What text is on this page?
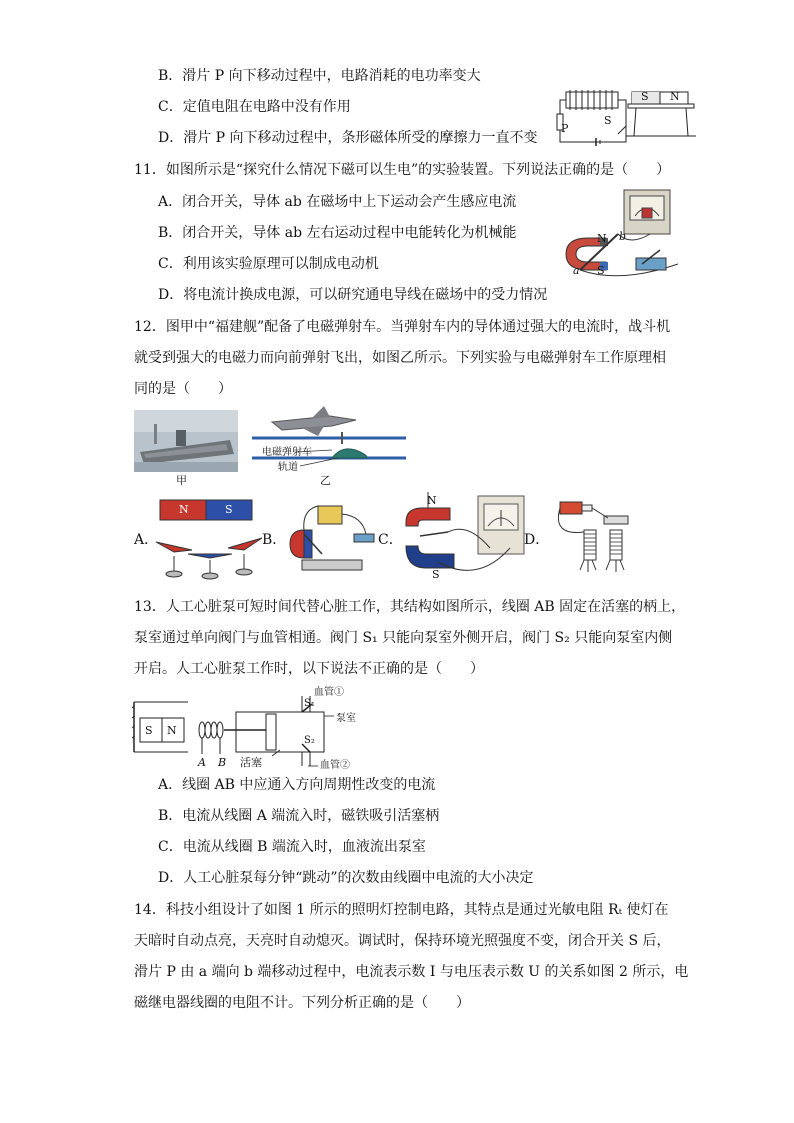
B．滑片 P 向下移动过程中，电路消耗的电功率变大
C．定值电阻在电路中没有作用
D．滑片 P 向下移动过程中，条形磁体所受的摩擦力一直不变
S N
P
S
11．如图所示是“探究什么情况下磁可以生电”的实验装置。下列说法正确的是（　　）
A．闭合开关，导体 ab 在磁场中上下运动会产生感应电流
B．闭合开关，导体 ab 左右运动过程中电能转化为机械能
C．利用该实验原理可以制成电动机
D．将电流计换成电源，可以研究通电导线在磁场中的受力情况
N
S
a
b
12．图甲中“福建舰”配备了电磁弹射车。当弹射车内的导体通过强大的电流时，战斗机
就受到强大的电磁力而向前弹射飞出，如图乙所示。下列实验与电磁弹射车工作原理相
同的是（　　）
甲
电磁弹射车
轨道
乙
A．
N	S
B．	C．
N
S
D．
13．人工心脏泵可短时间代替心脏工作，其结构如图所示，线圈 AB 固定在活塞的柄上，
泵室通过单向阀门与血管相通。阀门 S₁ 只能向泵室外侧开启，阀门 S₂ 只能向泵室内侧
开启。人工心脏泵工作时，以下说法不正确的是（　　）
S N
A B 活塞
S₁
S₂
血管①
泵室
血管②
A．线圈 AB 中应通入方向周期性改变的电流
B．电流从线圈 A 端流入时，磁铁吸引活塞柄
C．电流从线圈 B 端流入时，血液流出泵室
D．人工心脏泵每分钟“跳动”的次数由线圈中电流的大小决定
14．科技小组设计了如图 1 所示的照明灯控制电路，其特点是通过光敏电阻 Rₜ 使灯在
天暗时自动点亮，天亮时自动熄灭。调试时，保持环境光照强度不变，闭合开关 S 后，
滑片 P 由 a 端向 b 端移动过程中，电流表示数 I 与电压表示数 U 的关系如图 2 所示，电
磁继电器线圈的电阻不计。下列分析正确的是（　　）
